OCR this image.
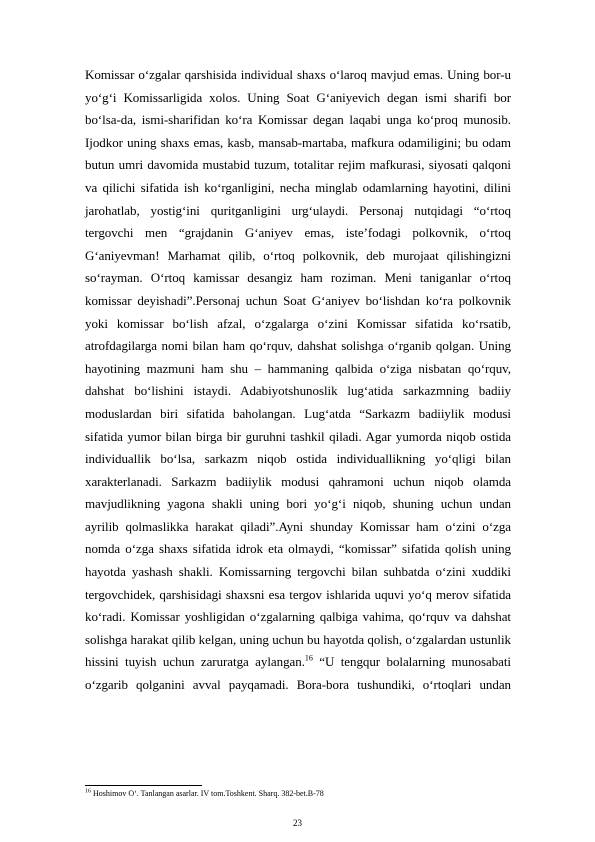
Komissar o‘zgalar qarshisida individual shaxs o‘laroq mavjud emas. Uning bor-u yo‘g‘i Komissarligida xolos. Uning Soat G‘aniyevich degan ismi sharifi bor bo‘lsa-da, ismi-sharifidan ko‘ra Komissar degan laqabi unga ko‘proq munosib. Ijodkor uning shaxs emas, kasb, mansab-martaba, mafkura odamiligini; bu odam butun umri davomida mustabid tuzum, totalitar rejim mafkurasi, siyosati qalqoni va qilichi sifatida ish ko‘rganligini, necha minglab odamlarning hayotini, dilini jarohatlab, yostig‘ini quritganligini urg‘ulaydi. Personaj nutqidagi “o‘rtoq tergovchi men “grajdanin G‘aniyev emas, iste’fodagi polkovnik, o‘rtoq G‘aniyevman! Marhamat qilib, o‘rtoq polkovnik, deb murojaat qilishingizni so‘rayman. O‘rtoq kamissar desangiz ham roziman. Meni taniganlar o‘rtoq komissar deyishadi”.Personaj uchun Soat G‘aniyev bo‘lishdan ko‘ra polkovnik yoki komissar bo‘lish afzal, o‘zgalarga o‘zini Komissar sifatida ko‘rsatib, atrofdagilarga nomi bilan ham qo‘rquv, dahshat solishga o‘rganib qolgan. Uning hayotining mazmuni ham shu – hammaning qalbida o‘ziga nisbatan qo‘rquv, dahshat bo‘lishini istaydi. Adabiyotshunoslik lug‘atida sarkazmning badiiy moduslardan biri sifatida baholangan. Lug‘atda “Sarkazm badiiylik modusi sifatida yumor bilan birga bir guruhni tashkil qiladi. Agar yumorda niqob ostida individuallik bo‘lsa, sarkazm niqob ostida individuallikning yo‘qligi bilan xarakterlanadi. Sarkazm badiiylik modusi qahramoni uchun niqob olamda mavjudlikning yagona shakli uning bori yo‘g‘i niqob, shuning uchun undan ayrilib qolmaslikka harakat qiladi”.Ayni shunday Komissar ham o‘zini o‘zga nomda o‘zga shaxs sifatida idrok eta olmaydi, “komissar” sifatida qolish uning hayotda yashash shakli. Komissarning tergovchi bilan suhbatda o‘zini xuddiki tergovchidek, qarshisidagi shaxsni esa tergov ishlarida uquvi yo‘q merov sifatida ko‘radi. Komissar yoshligidan o‘zgalarning qalbiga vahima, qo‘rquv va dahshat solishga harakat qilib kelgan, uning uchun bu hayotda qolish, o‘zgalardan ustunlik hissini tuyish uchun zaruratga aylangan.$^{16}$ “U tengqur bolalarning munosabati o‘zgarib qolganini avval payqamadi. Bora-bora tushundiki, o‘rtoqlari undan

$^{16}$ Hoshimov O‘. Tanlangan asarlar. IV tom.Toshkent. Sharq. 382-bet.B-78

23
